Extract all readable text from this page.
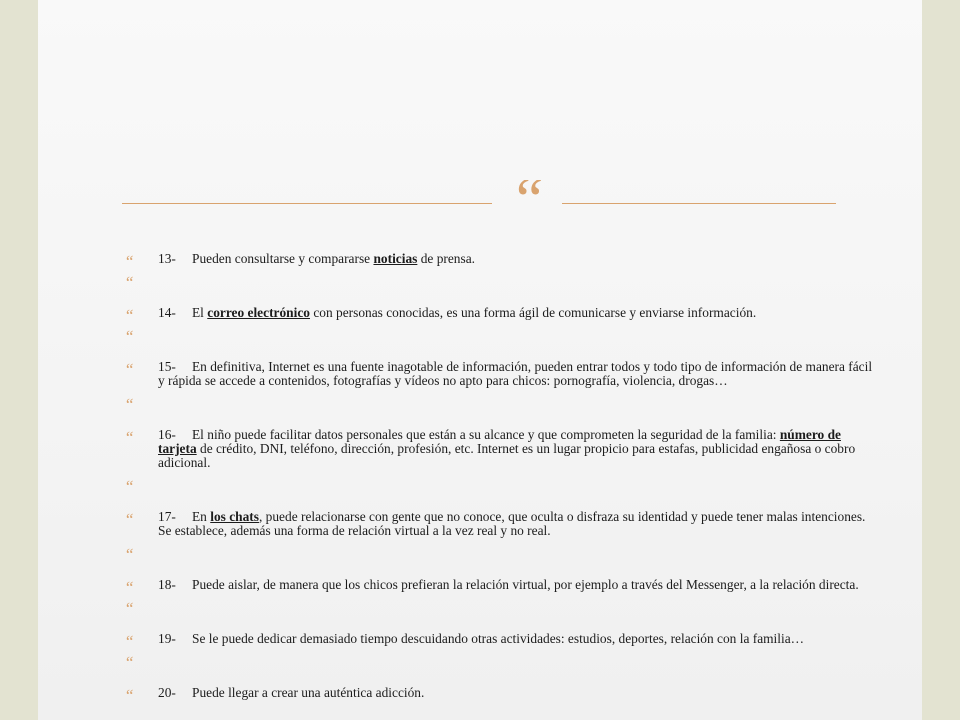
“
“ 13- Pueden consultarse y compararse noticias de prensa.
“
“ 14- El correo electrónico con personas conocidas, es una forma ágil de comunicarse y enviarse información.
“
“ 15- En definitiva, Internet es una fuente inagotable de información, pueden entrar todos y todo tipo de información de manera fácil y rápida se accede a contenidos, fotografías y vídeos no apto para chicos: pornografía, violencia, drogas…
“
“ 16- El niño puede facilitar datos personales que están a su alcance y que comprometen la seguridad de la familia: número de tarjeta de crédito, DNI, teléfono, dirección, profesión, etc. Internet es un lugar propicio para estafas, publicidad engañosa o cobro adicional.
“
“ 17- En los chats, puede relacionarse con gente que no conoce, que oculta o disfraza su identidad y puede tener malas intenciones. Se establece, además una forma de relación virtual a la vez real y no real.
“
“ 18- Puede aislar, de manera que los chicos prefieran la relación virtual, por ejemplo a través del Messenger, a la relación directa.
“
“ 19- Se le puede dedicar demasiado tiempo descuidando otras actividades: estudios, deportes, relación con la familia…
“
“ 20- Puede llegar a crear una auténtica adicción.
